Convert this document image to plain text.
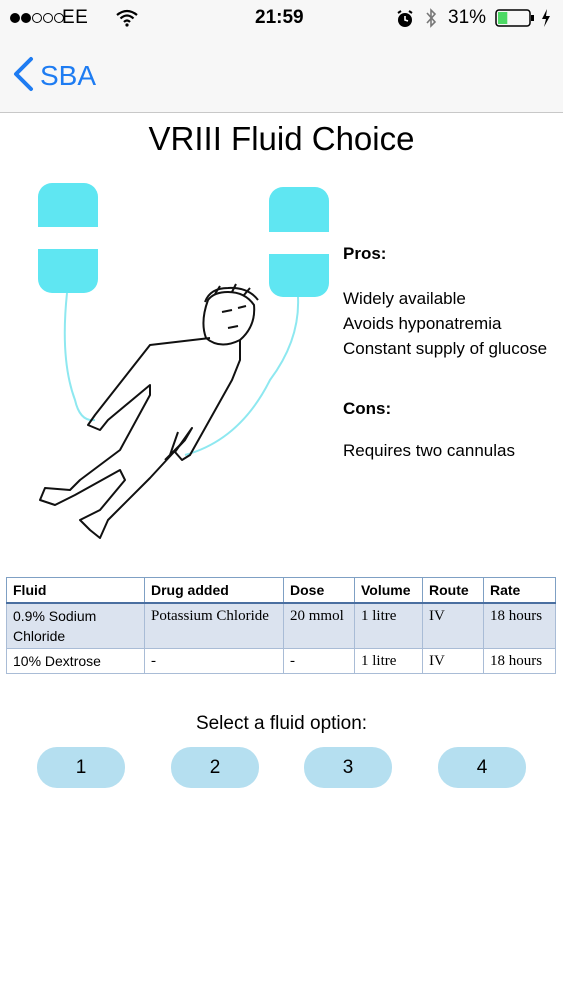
EE	21:59	31%
SBA
VRIII Fluid Choice
Pros:
Widely available
Avoids hyponatremia
Constant supply of glucose
Cons:
Requires two cannulas
Fluid	Drug added	Dose	Volume	Route	Rate
0.9% Sodium Chloride	Potassium Chloride	20 mmol	1 litre	IV	18 hours
10% Dextrose	-	-	1 litre	IV	18 hours
Select a fluid option:
1	2	3	4
